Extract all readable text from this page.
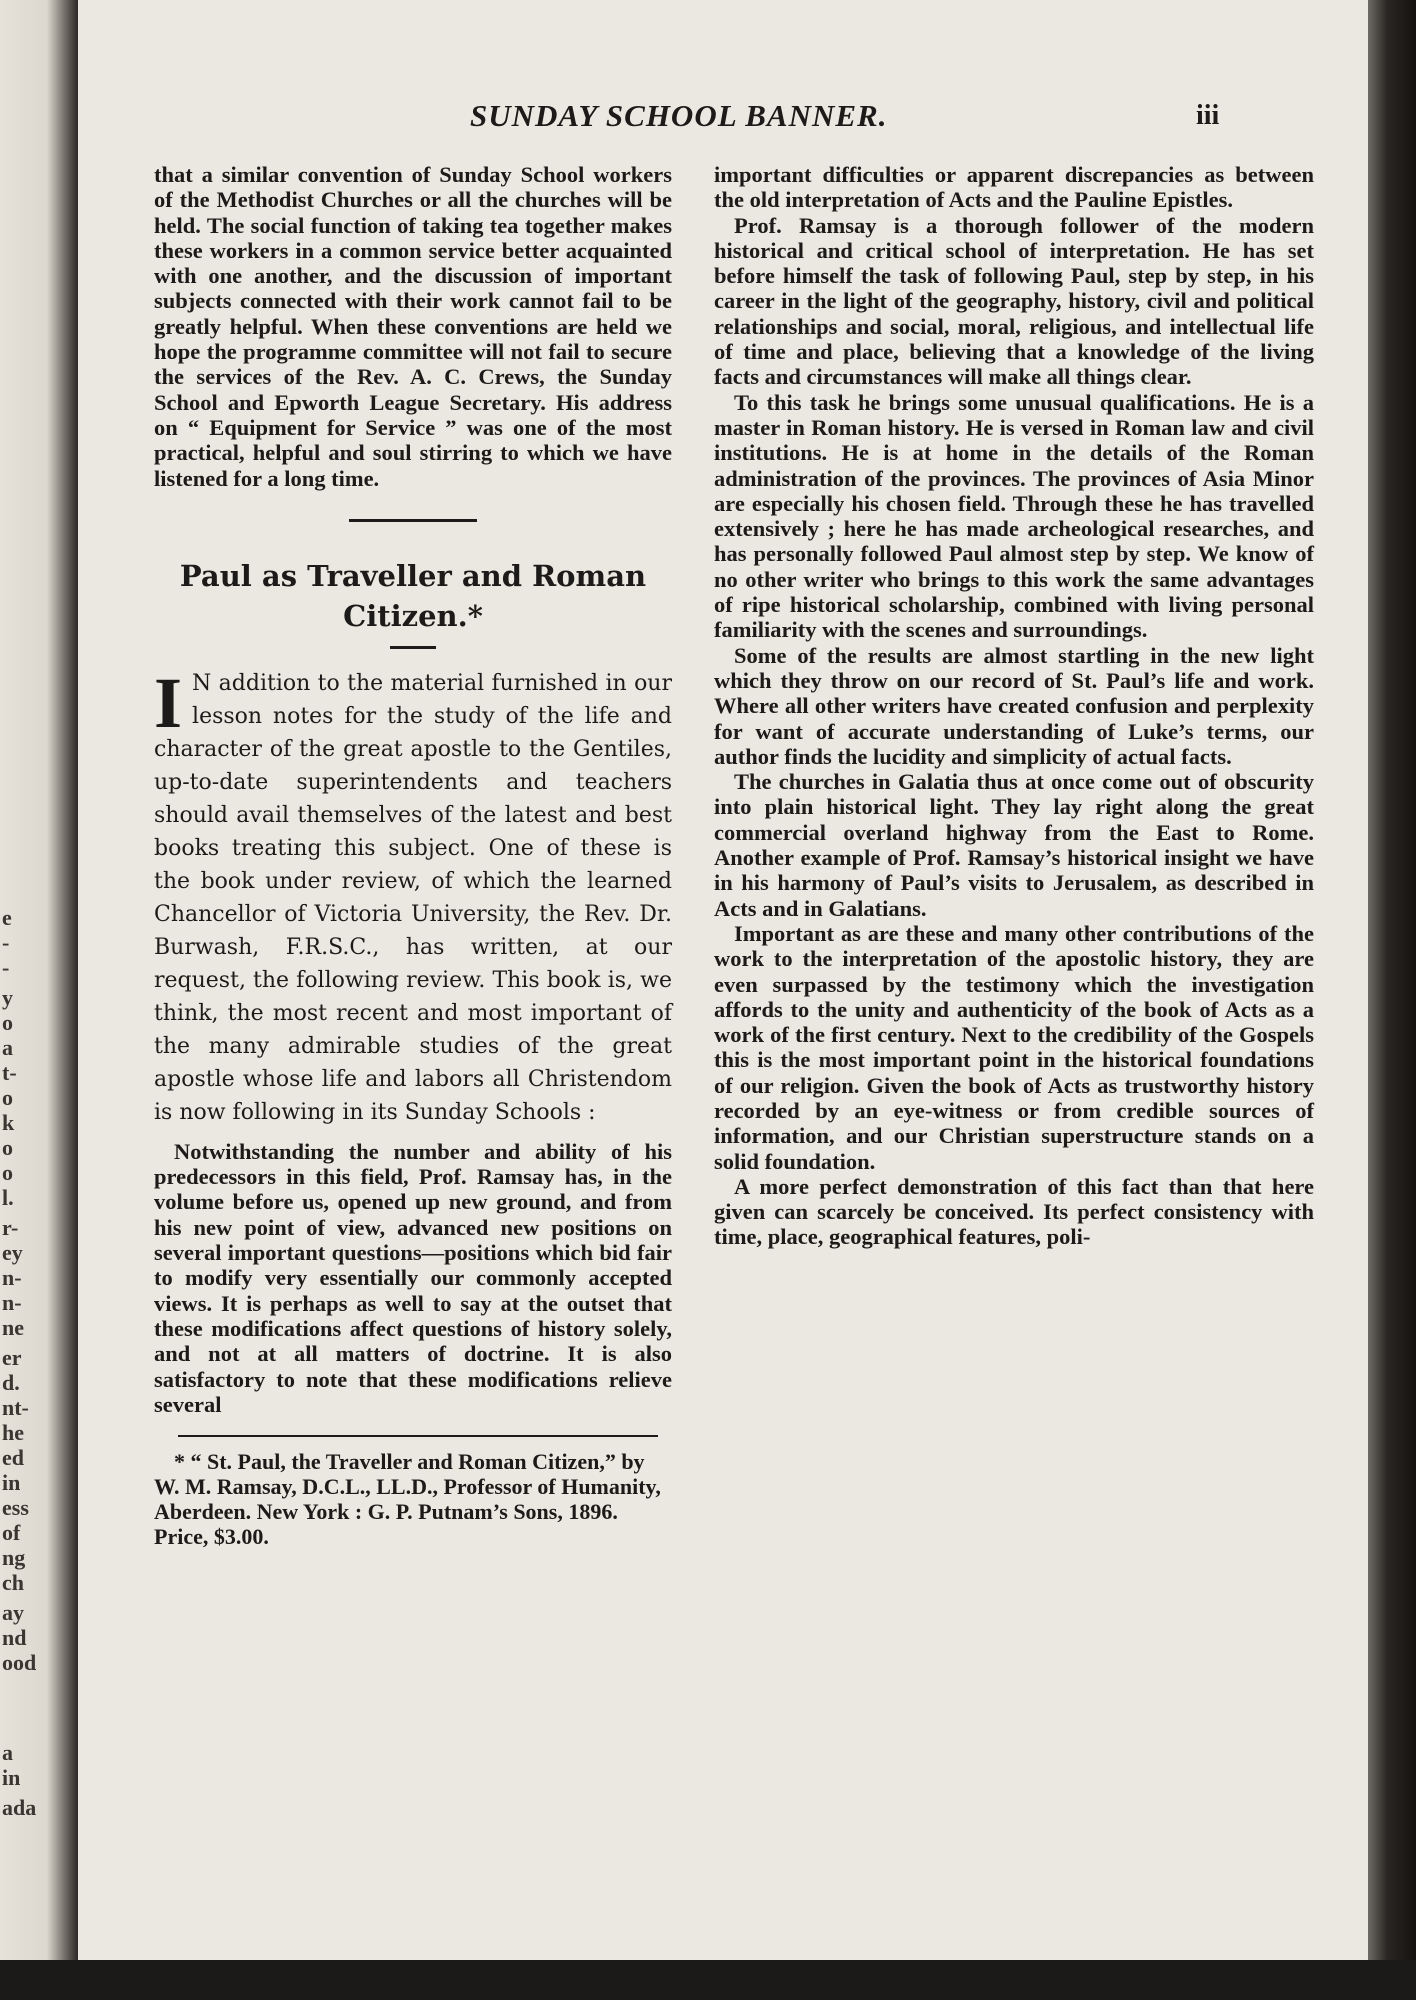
e
-
-
y
o
a
t-
o
k
o
o
l.
r-
ey
n-
n-
ne
er
d.
nt-
he
ed
in
ess
of
ng
ch
ay
nd
ood
a
in
ada
SUNDAY SCHOOL BANNER.	iii

that a similar convention of Sunday School workers of the Methodist Churches or all the churches will be held. The social function of taking tea together makes these workers in a common service better acquainted with one another, and the discussion of important subjects connected with their work cannot fail to be greatly helpful. When these conventions are held we hope the programme committee will not fail to secure the services of the Rev. A. C. Crews, the Sunday School and Epworth League Secretary. His address on “ Equipment for Service ” was one of the most practical, helpful and soul stirring to which we have listened for a long time.

Paul as Traveller and Roman
Citizen.*
I N addition to the material furnished in our lesson notes for the study of the life and character of the great apostle to the Gentiles, up-to-date superintendents and teachers should avail themselves of the latest and best books treating this subject. One of these is the book under review, of which the learned Chancellor of Victoria University, the Rev. Dr. Burwash, F.R.S.C., has written, at our request, the following review. This book is, we think, the most recent and most important of the many admirable studies of the great apostle whose life and labors all Christendom is now following in its Sunday Schools :

Notwithstanding the number and ability of his predecessors in this field, Prof. Ramsay has, in the volume before us, opened up new ground, and from his new point of view, advanced new positions on several important questions—positions which bid fair to modify very essentially our commonly accepted views. It is perhaps as well to say at the outset that these modifications affect questions of history solely, and not at all matters of doctrine. It is also satisfactory to note that these modifications relieve several

* “ St. Paul, the Traveller and Roman Citizen,” by W. M. Ramsay, D.C.L., LL.D., Professor of Humanity, Aberdeen. New York : G. P. Putnam’s Sons, 1896. Price, $3.00.

important difficulties or apparent discrepancies as between the old interpretation of Acts and the Pauline Epistles.

Prof. Ramsay is a thorough follower of the modern historical and critical school of interpretation. He has set before himself the task of following Paul, step by step, in his career in the light of the geography, history, civil and political relationships and social, moral, religious, and intellectual life of time and place, believing that a knowledge of the living facts and circumstances will make all things clear.

To this task he brings some unusual qualifications. He is a master in Roman history. He is versed in Roman law and civil institutions. He is at home in the details of the Roman administration of the provinces. The provinces of Asia Minor are especially his chosen field. Through these he has travelled extensively ; here he has made archeological researches, and has personally followed Paul almost step by step. We know of no other writer who brings to this work the same advantages of ripe historical scholarship, combined with living personal familiarity with the scenes and surroundings.

Some of the results are almost startling in the new light which they throw on our record of St. Paul’s life and work. Where all other writers have created confusion and perplexity for want of accurate understanding of Luke’s terms, our author finds the lucidity and simplicity of actual facts.

The churches in Galatia thus at once come out of obscurity into plain historical light. They lay right along the great commercial overland highway from the East to Rome. Another example of Prof. Ramsay’s historical insight we have in his harmony of Paul’s visits to Jerusalem, as described in Acts and in Galatians.

Important as are these and many other contributions of the work to the interpretation of the apostolic history, they are even surpassed by the testimony which the investigation affords to the unity and authenticity of the book of Acts as a work of the first century. Next to the credibility of the Gospels this is the most important point in the historical foundations of our religion. Given the book of Acts as trustworthy history recorded by an eye-witness or from credible sources of information, and our Christian superstructure stands on a solid foundation.

A more perfect demonstration of this fact than that here given can scarcely be conceived. Its perfect consistency with time, place, geographical features, poli-
